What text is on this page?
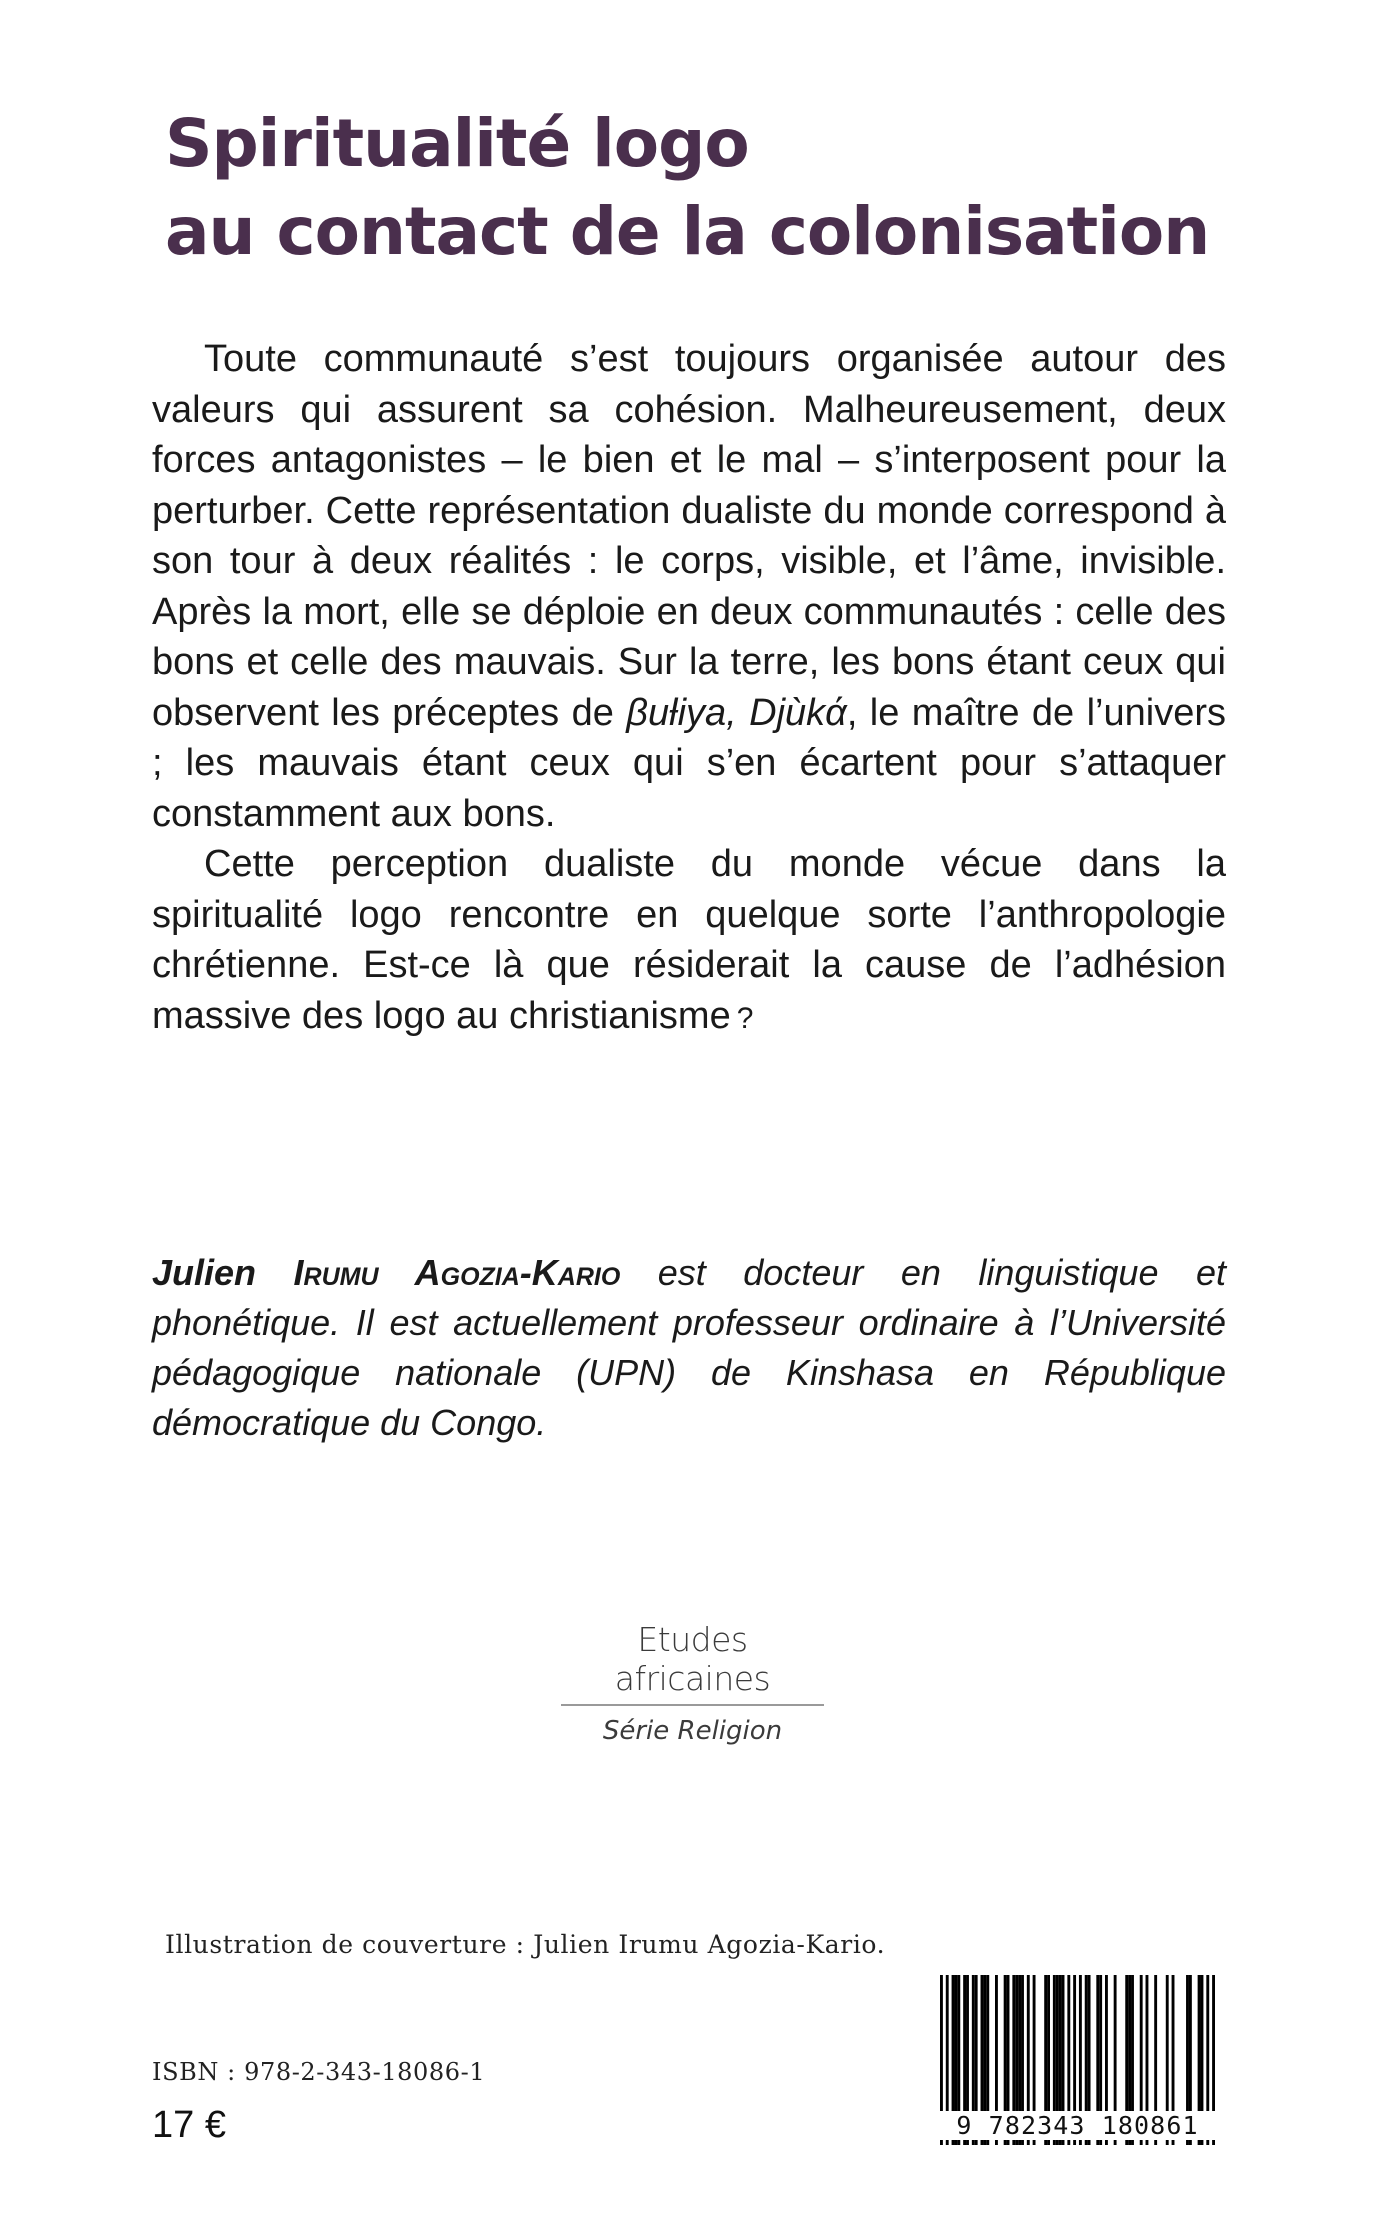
Spiritualité logo
au contact de la colonisation

Toute communauté s’est toujours organisée autour des valeurs qui assurent sa cohésion. Malheureusement, deux forces antagonistes – le bien et le mal – s’interposent pour la perturber. Cette représentation dualiste du monde correspond à son tour à deux réalités : le corps, visible, et l’âme, invisible. Après la mort, elle se déploie en deux communautés : celle des bons et celle des mauvais. Sur la terre, les bons étant ceux qui observent les préceptes de βuƚiya, Djùkά, le maître de l’univers ; les mauvais étant ceux qui s’en écartent pour s’attaquer constamment aux bons.

Cette perception dualiste du monde vécue dans la spiritualité logo rencontre en quelque sorte l’anthropologie chrétienne. Est-ce là que résiderait la cause de l’adhésion massive des logo au christianisme ?

Julien Irumu Agozia-Kario est docteur en linguistique et phonétique. Il est actuellement professeur ordinaire à l’Université pédagogique nationale (UPN) de Kinshasa en République démocratique du Congo.

Etudes africaines
Série Religion
Illustration de couverture : Julien Irumu Agozia-Kario.
ISBN : 978-2-343-18086-1
17 €	9 782343 180861
